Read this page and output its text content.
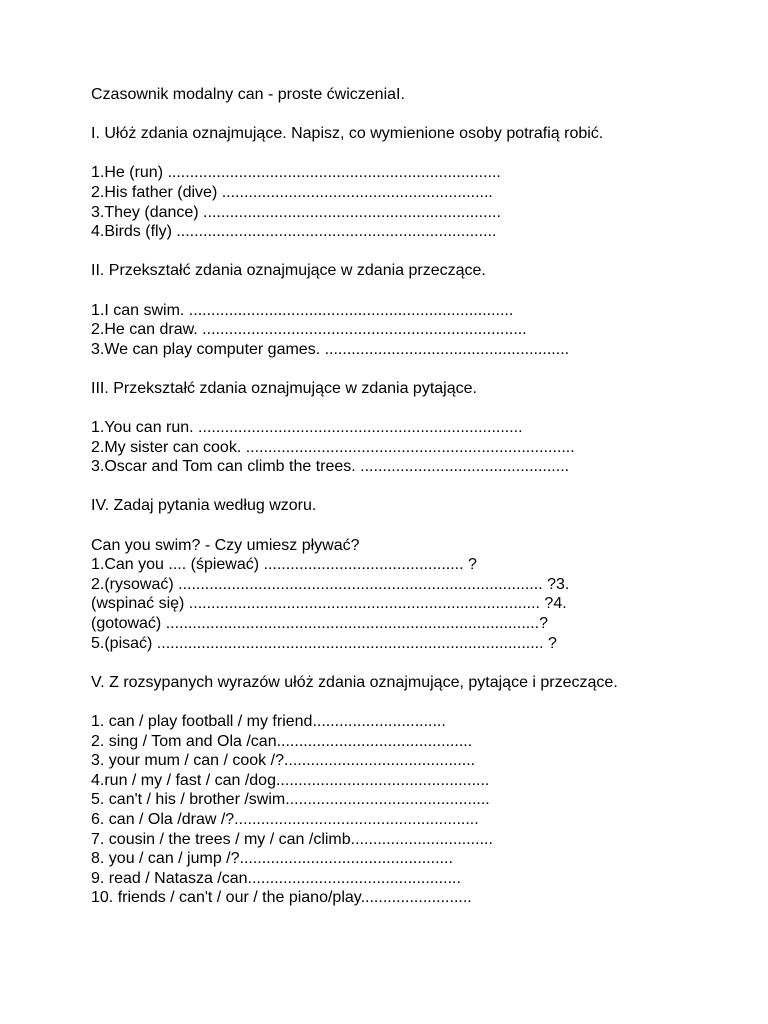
Czasownik modalny can - proste ćwiczeniaI.
I. Ułóż zdania oznajmujące. Napisz, co wymienione osoby potrafią robić.
1.He (run) ...........................................................................
2.His father (dive) .............................................................
3.They (dance) ...................................................................
4.Birds (fly) ........................................................................
II. Przekształć zdania oznajmujące w zdania przeczące.
1.I can swim. .........................................................................
2.He can draw. .........................................................................
3.We can play computer games. .......................................................
III. Przekształć zdania oznajmujące w zdania pytające.
1.You can run. .........................................................................
2.My sister can cook. ..........................................................................
3.Oscar and Tom can climb the trees. ...............................................
IV. Zadaj pytania według wzoru.
Can you swim? - Czy umiesz pływać?
1.Can you .... (śpiewać) ............................................. ?
2.(rysować) .................................................................................. ?3.
(wspinać się) ............................................................................... ?4.
(gotować) ....................................................................................?
5.(pisać) ....................................................................................... ?
V. Z rozsypanych wyrazów ułóż zdania oznajmujące, pytające i przeczące.
1. can / play football / my friend..............................
2. sing / Tom and Ola /can............................................
3. your mum / can / cook /?...........................................
4.run / my / fast / can /dog................................................
5. can't / his / brother /swim..............................................
6. can / Ola /draw /?.......................................................
7. cousin / the trees / my / can /climb................................
8. you / can / jump /?................................................
9. read / Natasza /can................................................
10. friends / can't / our / the piano/play.........................
